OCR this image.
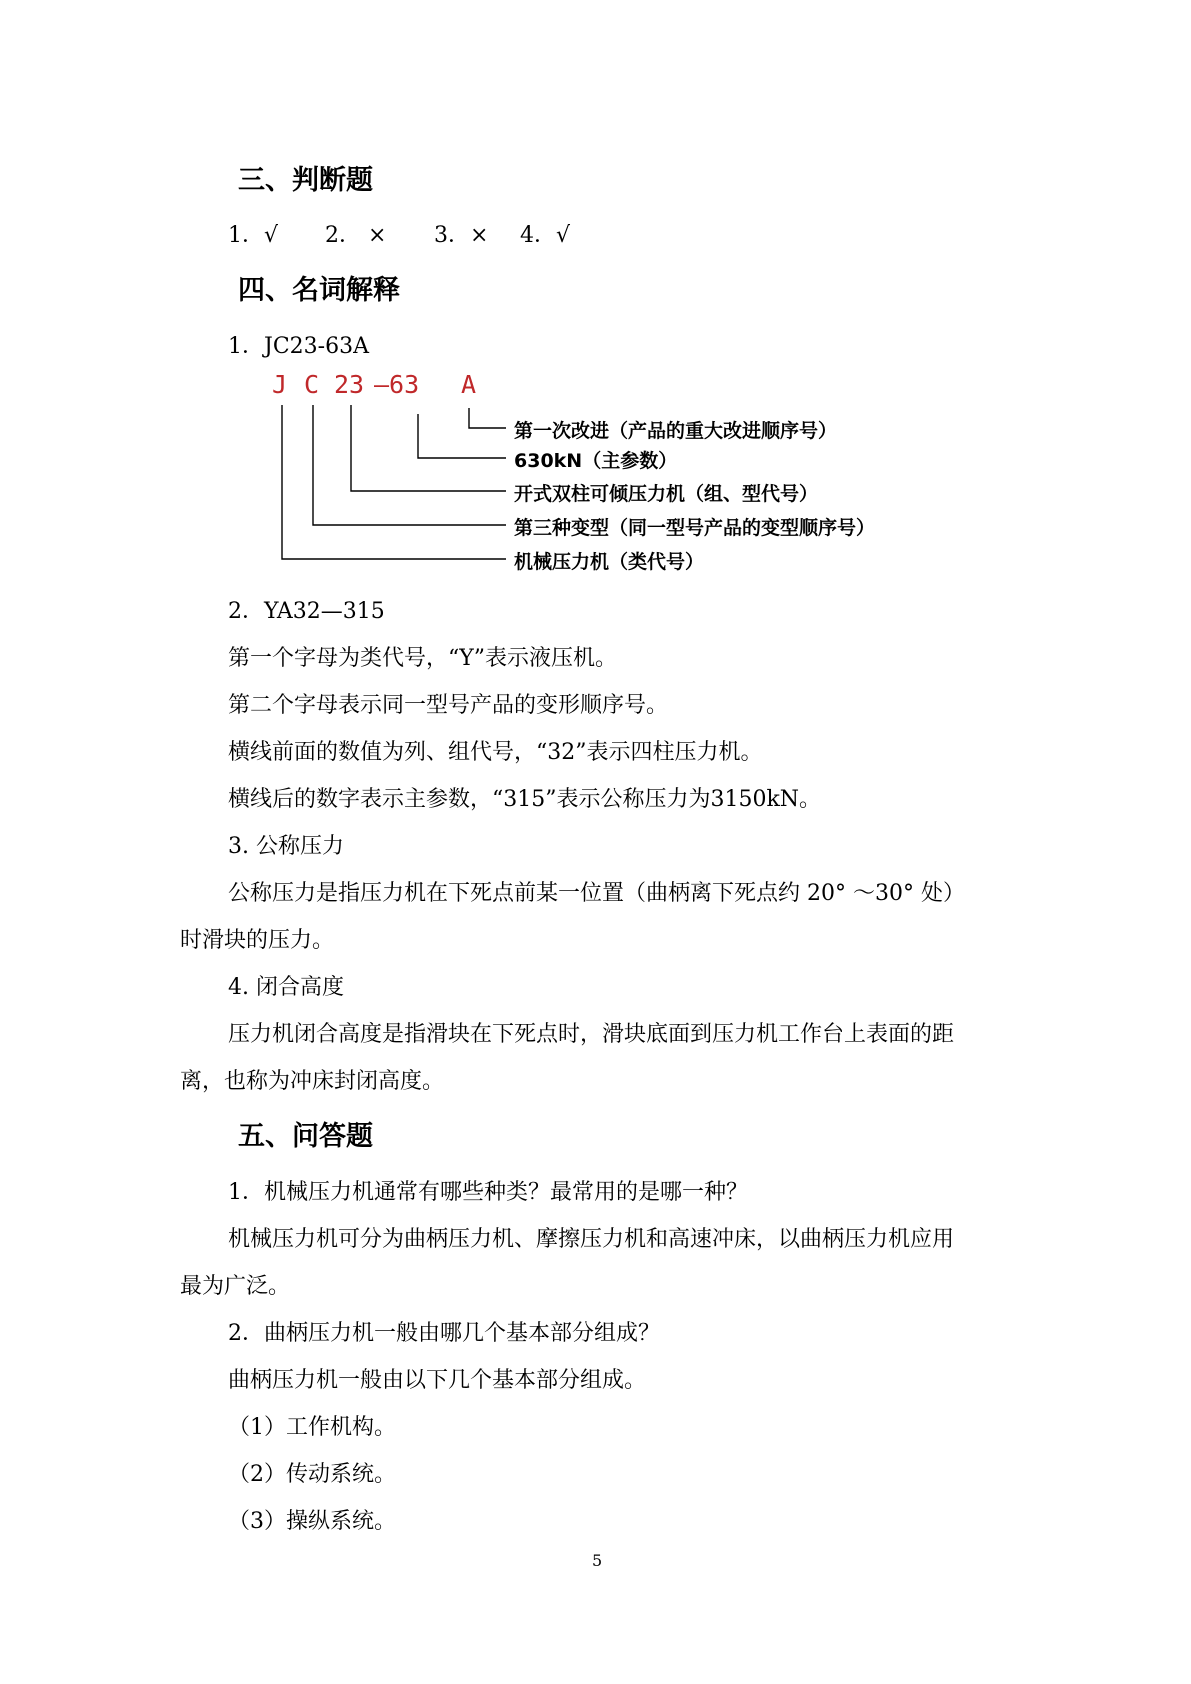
三、判断题
1．√ 2． × 3．× 4．√
四、名词解释
1．JC23-63A
J C 23 —63 A
第一次改进（产品的重大改进顺序号）
630kN（主参数）
开式双柱可倾压力机（组、型代号）
第三种变型（同一型号产品的变型顺序号）
机械压力机（类代号）
2．YA32—315
第一个字母为类代号，“Y”表示液压机。
第二个字母表示同一型号产品的变形顺序号。
横线前面的数值为列、组代号，“32”表示四柱压力机。
横线后的数字表示主参数，“315”表示公称压力为3150kN。
3. 公称压力
公称压力是指压力机在下死点前某一位置（曲柄离下死点约 20° ～30° 处）
时滑块的压力。
4. 闭合高度
压力机闭合高度是指滑块在下死点时，滑块底面到压力机工作台上表面的距
离，也称为冲床封闭高度。
五、问答题
1．机械压力机通常有哪些种类？最常用的是哪一种？
机械压力机可分为曲柄压力机、摩擦压力机和高速冲床，以曲柄压力机应用
最为广泛。
2．曲柄压力机一般由哪几个基本部分组成？
曲柄压力机一般由以下几个基本部分组成。
（1）工作机构。
（2）传动系统。
（3）操纵系统。
5
